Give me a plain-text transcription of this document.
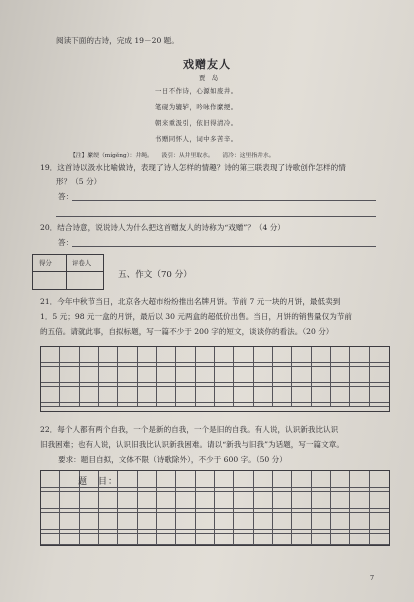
阅读下面的古诗，完成 19－20 题。
戏赠友人
贾　岛
一日不作诗，心源如废井。
笔砚为辘轳，吟咏作縻绠。
朝来重汲引，依旧得清冷。
书赠同怀人，词中多苦辛。
【注】縻绠（mígěng）：井绳。　　汲引：从井里取水。　　清冷：这里指井水。
19．这首诗以汲水比喻做诗，表现了诗人怎样的情趣？诗的第三联表现了诗歌创作怎样的情
形？（5 分）
答：
20．结合诗意，说说诗人为什么把这首赠友人的诗称为“戏赠”？（4 分）
答：
得分	评卷人
五、作文（70 分）
21．今年中秋节当日，北京各大超市纷纷推出名牌月饼。节前 7 元一块的月饼，最低卖到
1．5 元；98 元一盒的月饼，最后以 30 元两盒的超低价出售。当日，月饼的销售量仅为节前
的五倍。请就此事，自拟标题，写一篇不少于 200 字的短文，谈谈你的看法。（20 分）
22．每个人都有两个自我，一个是新的自我，一个是旧的自我。有人说，认识新我比认识
旧我困难；也有人说，认识旧我比认识新我困难。请以“新我与旧我”为话题，写一篇文章。
要求：题目自拟，文体不限（诗歌除外），不少于 600 字。（50 分）
题　目：
7
